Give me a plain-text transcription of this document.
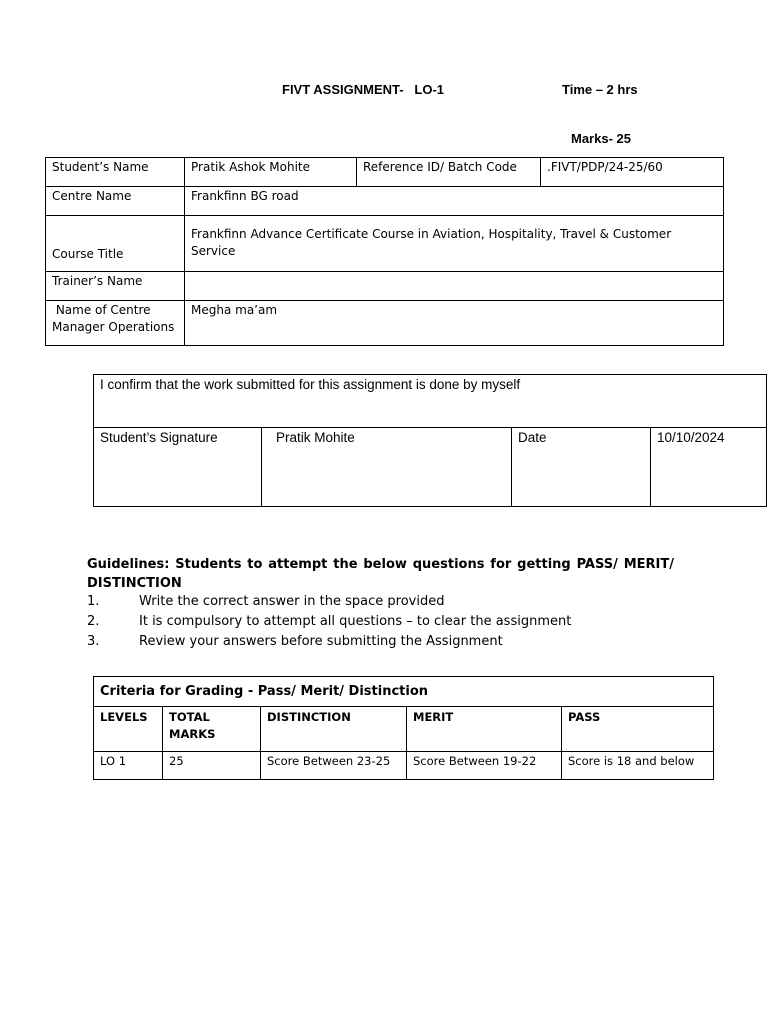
FIVT ASSIGNMENT-   LO-1	Time – 2 hrs
Marks- 25
Student’s Name	Pratik Ashok Mohite	Reference ID/ Batch Code	.FIVT/PDP/24-25/60
Centre Name	Frankfinn BG road		
Course Title	Frankfinn Advance Certificate Course in Aviation, Hospitality, Travel & Customer Service		
Trainer’s Name			

Name of Centre
Manager Operations	Megha ma’am		
I confirm that the work submitted for this assignment is done by myself
Student’s Signature	Pratik Mohite	Date	10/10/2024
Guidelines: Students to attempt the below questions for getting PASS/ MERIT/
DISTINCTION
1.	Write the correct answer in the space provided
2.	It is compulsory to attempt all questions – to clear the assignment
3.	Review your answers before submitting the Assignment
Criteria for Grading - Pass/ Merit/ Distinction				
LEVELS	TOTAL MARKS	DISTINCTION	MERIT	PASS
LO 1	25	Score Between 23-25	Score Between 19-22	Score is 18 and below
